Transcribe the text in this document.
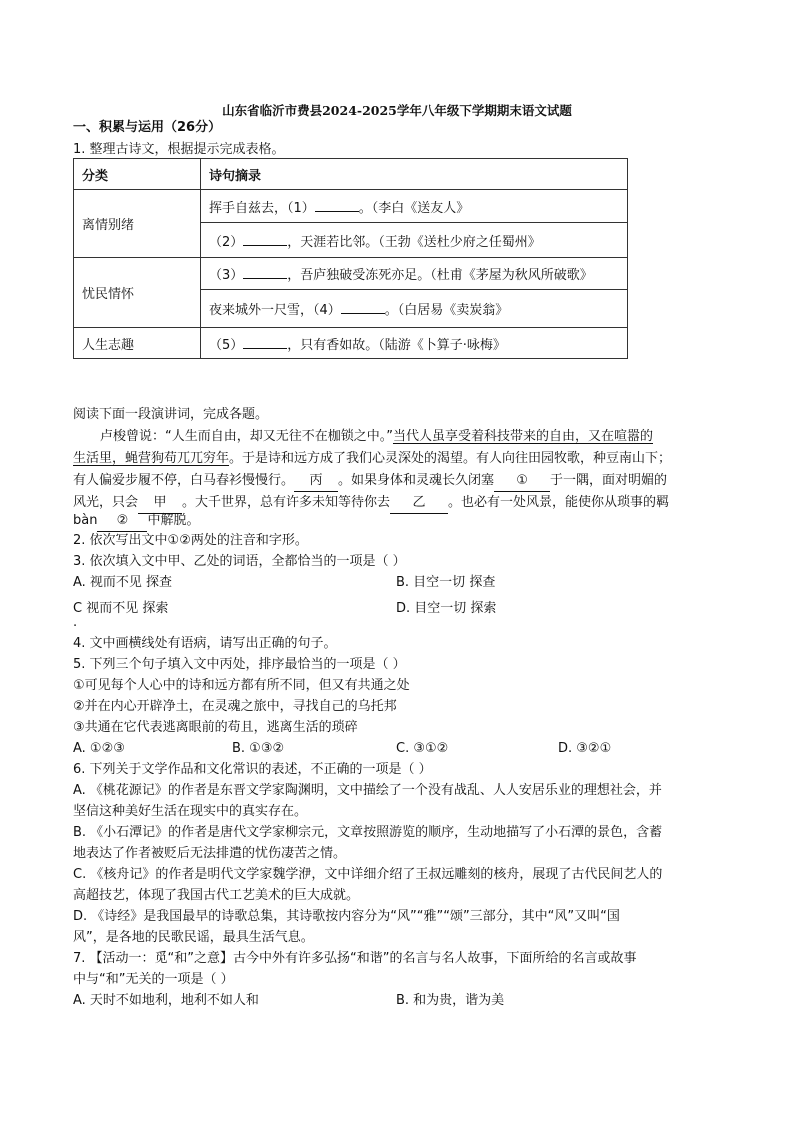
山东省临沂市费县2024-2025学年八年级下学期期末语文试题
一、积累与运用（26分）
1. 整理古诗文，根据提示完成表格。
分类	诗句摘录
离情别绪	挥手自兹去，（1） 。（李白《送友人》
	（2） ，天涯若比邻。（王勃《送杜少府之任蜀州》
忧民情怀	（3） ，吾庐独破受冻死亦足。（杜甫《茅屋为秋风所破歌》
	夜来城外一尺雪，（4） 。（白居易《卖炭翁》
人生志趣	（5） ，只有香如故。（陆游《卜算子·咏梅》
阅读下面一段演讲词，完成各题。
卢梭曾说：“人生而自由，却又无往不在枷锁之中。”当代人虽享受着科技带来的自由，又在喧嚣的
生活里，蝇营狗苟兀兀穷年。于是诗和远方成了我们心灵深处的渴望。有人向往田园牧歌，种豆南山下；
有人偏爱步履不停，白马春衫慢慢行。 丙 。如果身体和灵魂长久闭塞 ① 于一隅，面对明媚的
风光，只会 甲 。大千世界，总有许多未知等待你去 乙 。也必有一处风景，能使你从琐事的羁
bàn ② 中解脱。
2. 依次写出文中①②两处的注音和字形。
3. 依次填入文中甲、乙处的词语，全都恰当的一项是（ ）
A. 视而不见 探查	B. 目空一切 探查
C 视而不见 探索	D. 目空一切 探索
·
4. 文中画横线处有语病，请写出正确的句子。
5. 下列三个句子填入文中丙处，排序最恰当的一项是（ ）
①可见每个人心中的诗和远方都有所不同，但又有共通之处
②并在内心开辟净土，在灵魂之旅中，寻找自己的乌托邦
③共通在它代表逃离眼前的苟且，逃离生活的琐碎
A. ①②③	B. ①③②	C. ③①②	D. ③②①
6. 下列关于文学作品和文化常识的表述，不正确的一项是（ ）
A. 《桃花源记》的作者是东晋文学家陶渊明，文中描绘了一个没有战乱、人人安居乐业的理想社会，并
坚信这种美好生活在现实中的真实存在。
B. 《小石潭记》的作者是唐代文学家柳宗元，文章按照游览的顺序，生动地描写了小石潭的景色，含蓄
地表达了作者被贬后无法排遣的忧伤凄苦之情。
C. 《核舟记》的作者是明代文学家魏学洢，文中详细介绍了王叔远雕刻的核舟，展现了古代民间艺人的
高超技艺，体现了我国古代工艺美术的巨大成就。
D. 《诗经》是我国最早的诗歌总集，其诗歌按内容分为“风”“雅”“颂”三部分，其中“风”又叫“国
风”，是各地的民歌民谣，最具生活气息。
7. 【活动一：觅“和”之意】古今中外有许多弘扬“和谐”的名言与名人故事，下面所给的名言或故事
中与“和”无关的一项是（ ）
A. 天时不如地利，地利不如人和	B. 和为贵，谐为美
